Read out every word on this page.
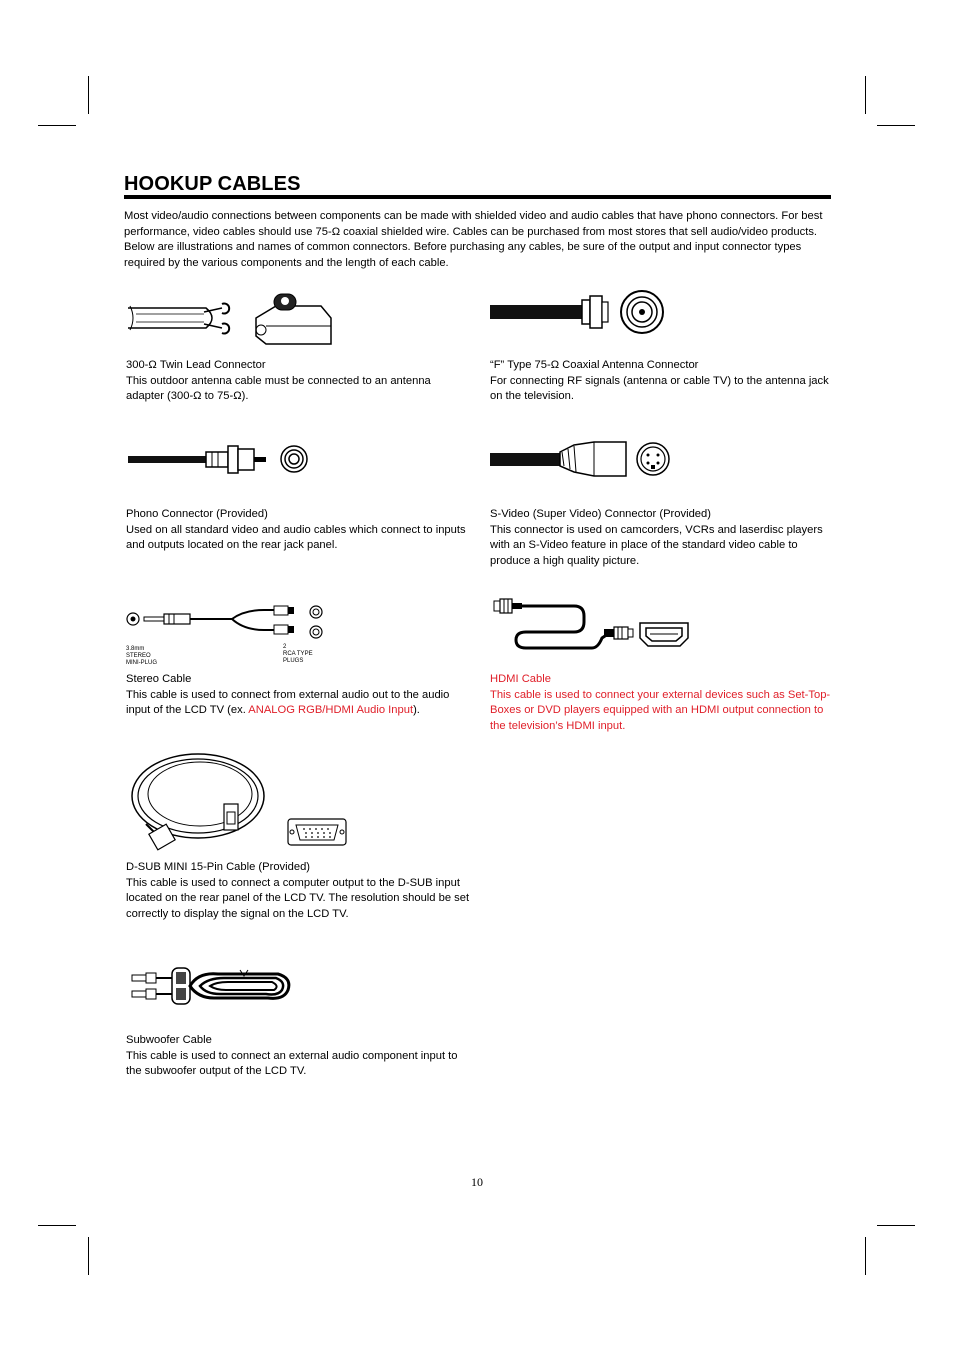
HOOKUP CABLES
Most video/audio connections between components can be made with shielded video and audio cables that have phono connectors. For best performance, video cables should use 75-Ω coaxial shielded wire. Cables can be purchased from most stores that sell audio/video products. Below are illustrations and names of common connectors. Before purchasing any cables, be sure of the output and input connector types required by the various components and the length of each cable.
300-Ω Twin Lead Connector
This outdoor antenna cable must be connected to an antenna adapter (300-Ω to 75-Ω).
“F” Type 75-Ω Coaxial Antenna Connector
For connecting RF signals (antenna or cable TV) to the antenna jack on the television.
Phono Connector (Provided)
Used on all standard video and audio cables which connect to inputs and outputs located on the rear jack panel.
S-Video (Super Video) Connector (Provided)
This connector is used on camcorders, VCRs and laserdisc players with an S-Video feature in place of the standard video cable to produce a high quality picture.
3.8mm
STEREO
MINI-PLUG
2
RCA TYPE
PLUGS
Stereo Cable
This cable is used to connect from external audio out to the audio input of the LCD TV (ex. ANALOG RGB/HDMI Audio Input).
HDMI Cable
This cable is used to connect your external devices such as Set-Top-Boxes or DVD players equipped with an HDMI output connection to the television’s HDMI input.
D-SUB MINI 15-Pin Cable (Provided)
This cable is used to connect a computer output to the D-SUB input located on the rear panel of the LCD TV. The resolution should be set correctly to display the signal on the LCD TV.
Subwoofer Cable
This cable is used to connect an external audio component input to the subwoofer output of the LCD TV.
10
